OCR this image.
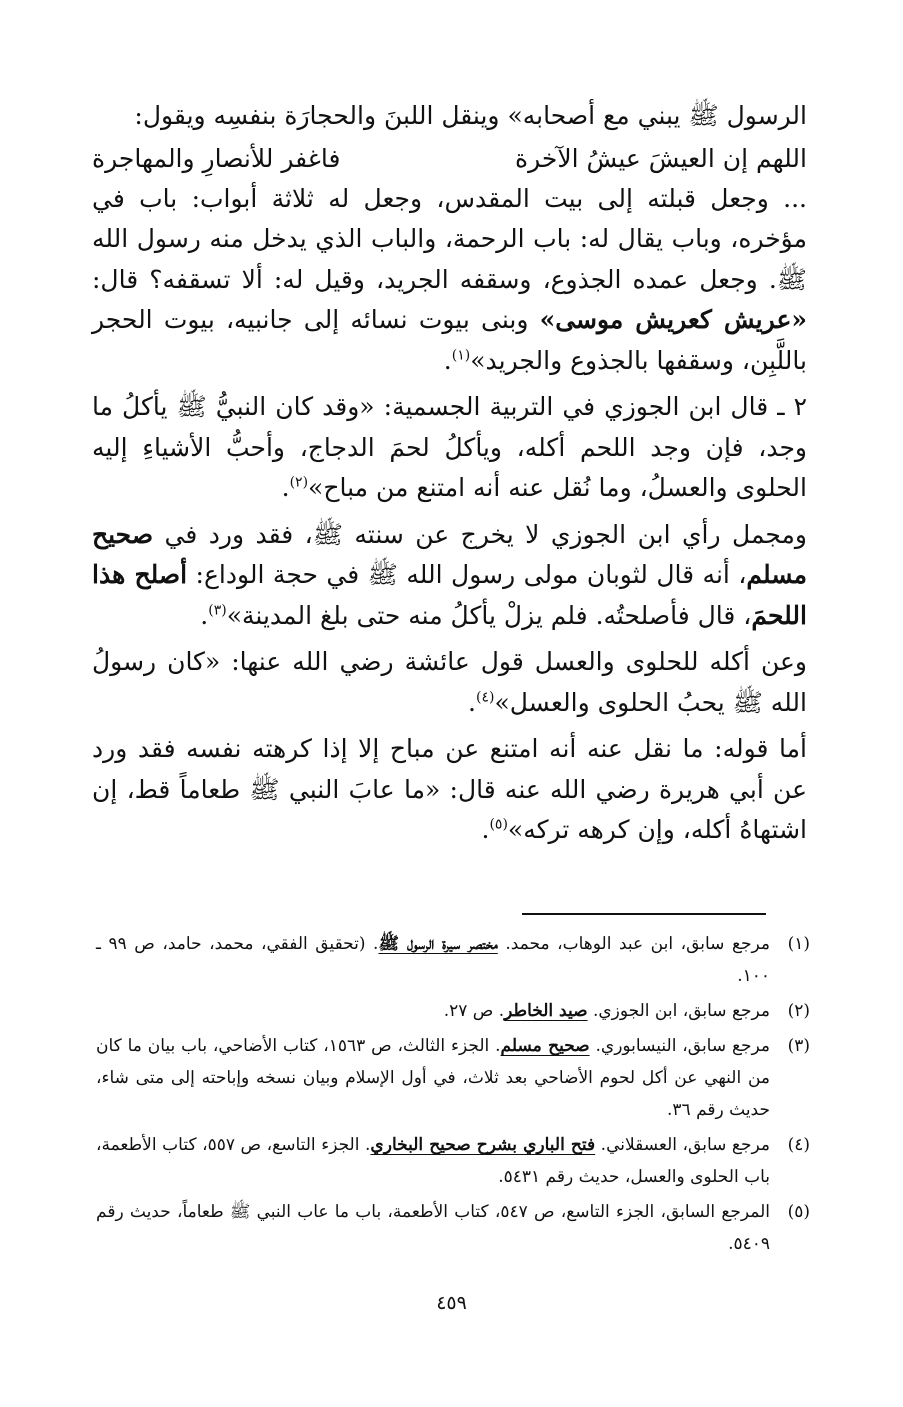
الرسول ﷺ يبني مع أصحابه» وينقل اللبنَ والحجارَة بنفسِه ويقول:

اللهم إن العيشَ عيشُ الآخرة
فاغفر للأنصارِ والمهاجرة

... وجعل قبلته إلى بيت المقدس، وجعل له ثلاثة أبواب: باب في مؤخره، وباب يقال له: باب الرحمة، والباب الذي يدخل منه رسول الله ﷺ. وجعل عمده الجذوع، وسقفه الجريد، وقيل له: ألا تسقفه؟ قال: «عريش كعريش موسى» وبنى بيوت نسائه إلى جانبيه، بيوت الحجر باللَّبِن، وسقفها بالجذوع والجريد»$^{(١)}$.

٢ ـ قال ابن الجوزي في التربية الجسمية: «وقد كان النبيُّ ﷺ يأكلُ ما وجد، فإن وجد اللحم أكله، ويأكلُ لحمَ الدجاج، وأحبُّ الأشياءِ إليه الحلوى والعسلُ، وما نُقل عنه أنه امتنع من مباح»$^{(٢)}$.

ومجمل رأي ابن الجوزي لا يخرج عن سنته ﷺ، فقد ورد في صحيح مسلم، أنه قال لثوبان مولى رسول الله ﷺ في حجة الوداع: أصلح هذا اللحمَ، قال فأصلحتُه. فلم يزلْ يأكلُ منه حتى بلغ المدينة»$^{(٣)}$.

وعن أكله للحلوى والعسل قول عائشة رضي الله عنها: «كان رسولُ الله ﷺ يحبُ الحلوى والعسل»$^{(٤)}$.

أما قوله: ما نقل عنه أنه امتنع عن مباح إلا إذا كرهته نفسه فقد ورد عن أبي هريرة رضي الله عنه قال: «ما عابَ النبي ﷺ طعاماً قط، إن اشتهاهُ أكله، وإن كرهه تركه»$^{(٥)}$.

(١)
مرجع سابق، ابن عبد الوهاب، محمد. مختصر سيرة الرسول ﷺ. (تحقيق الفقي، محمد، حامد، ص ٩٩ ـ ١٠٠.
(٢)
مرجع سابق، ابن الجوزي. صيد الخاطر. ص ٢٧.
(٣)
مرجع سابق، النيسابوري. صحيح مسلم. الجزء الثالث، ص ١٥٦٣، كتاب الأضاحي، باب بيان ما كان من النهي عن أكل لحوم الأضاحي بعد ثلاث، في أول الإسلام وبيان نسخه وإباحته إلى متى شاء، حديث رقم ٣٦.
(٤)
مرجع سابق، العسقلاني. فتح الباري بشرح صحيح البخاري. الجزء التاسع، ص ٥٥٧، كتاب الأطعمة، باب الحلوى والعسل، حديث رقم ٥٤٣١.
(٥)
المرجع السابق، الجزء التاسع، ص ٥٤٧، كتاب الأطعمة، باب ما عاب النبي ﷺ طعاماً، حديث رقم ٥٤٠٩.
٤٥٩
